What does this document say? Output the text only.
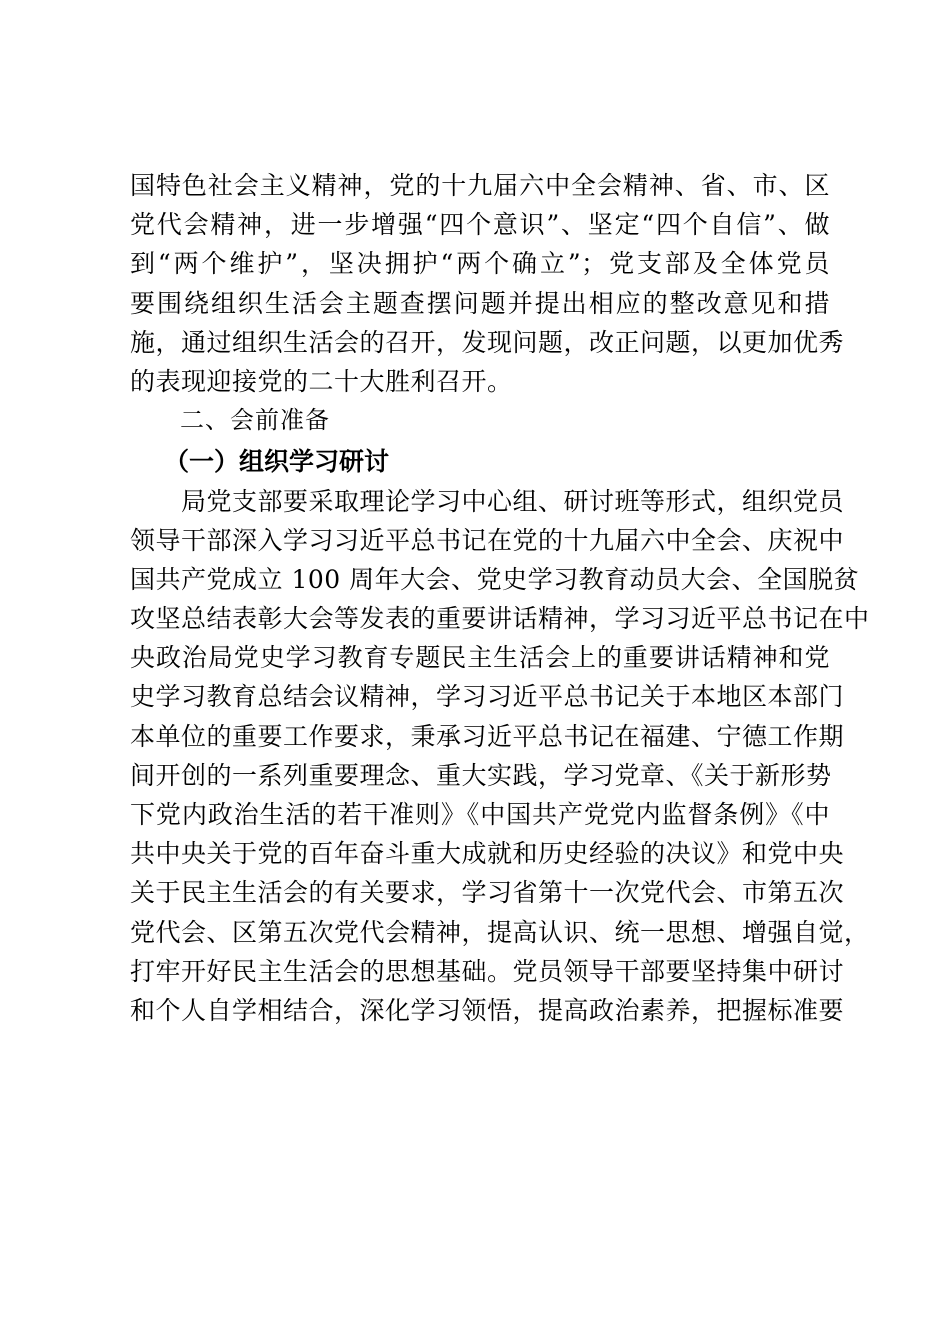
国特色社会主义精神，党的十九届六中全会精神、省、市、区
党代会精神，进一步增强“四个意识”、坚定“四个自信”、做
到“两个维护”，坚决拥护“两个确立”；党支部及全体党员
要围绕组织生活会主题查摆问题并提出相应的整改意见和措
施，通过组织生活会的召开，发现问题，改正问题，以更加优秀
的表现迎接党的二十大胜利召开。
二、会前准备
（一）组织学习研讨
　　局党支部要采取理论学习中心组、研讨班等形式，组织党员
领导干部深入学习习近平总书记在党的十九届六中全会、庆祝中
国共产党成立 100 周年大会、党史学习教育动员大会、全国脱贫
攻坚总结表彰大会等发表的重要讲话精神，学习习近平总书记在中
央政治局党史学习教育专题民主生活会上的重要讲话精神和党
史学习教育总结会议精神，学习习近平总书记关于本地区本部门
本单位的重要工作要求，秉承习近平总书记在福建、宁德工作期
间开创的一系列重要理念、重大实践，学习党章、《关于新形势
下党内政治生活的若干准则》《中国共产党党内监督条例》《中
共中央关于党的百年奋斗重大成就和历史经验的决议》和党中央
关于民主生活会的有关要求，学习省第十一次党代会、市第五次
党代会、区第五次党代会精神，提高认识、统一思想、增强自觉，
打牢开好民主生活会的思想基础。党员领导干部要坚持集中研讨
和个人自学相结合，深化学习领悟，提高政治素养，把握标准要
